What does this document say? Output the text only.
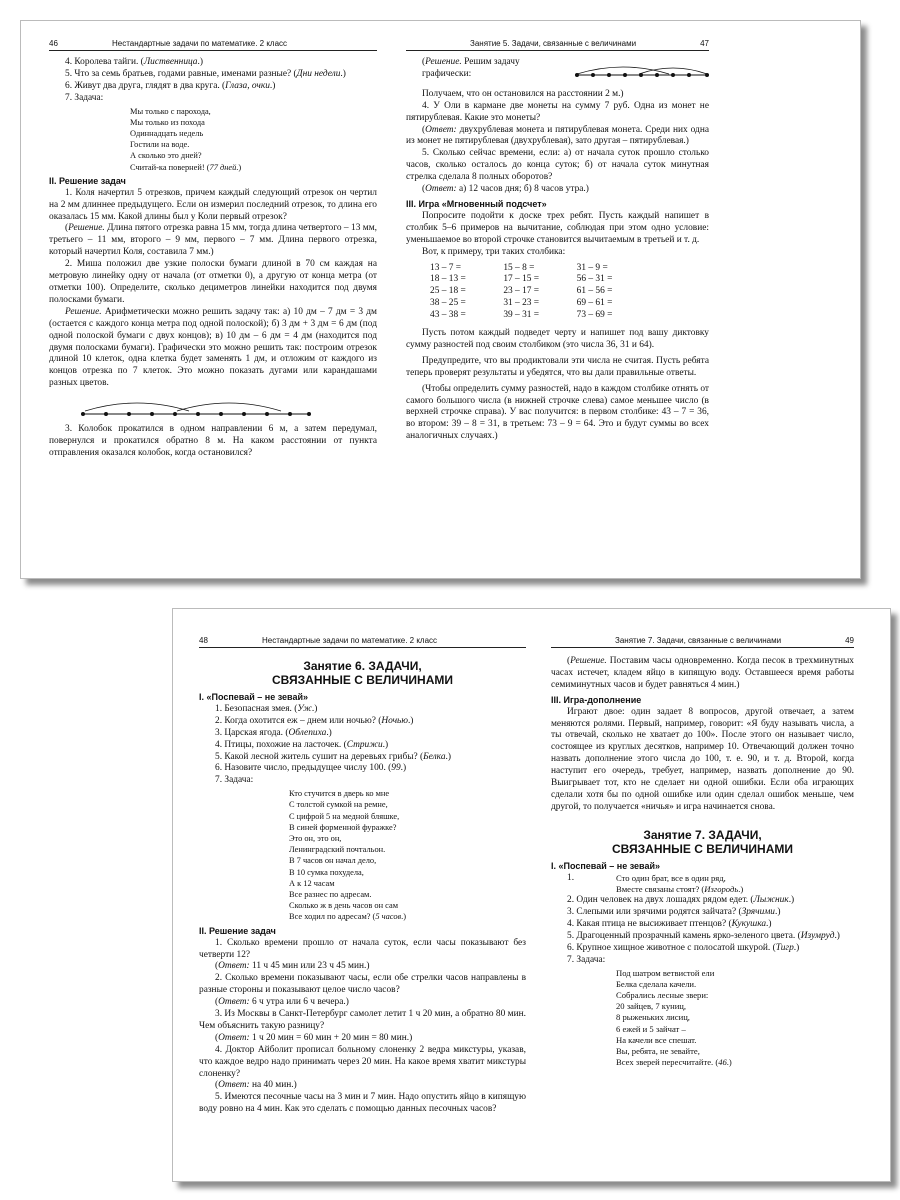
46	Нестандартные задачи по математике. 2 класс

4. Королева тайги. (Лиственница.)

5. Что за семь братьев, годами равные, именами разные? (Дни недели.)

6. Живут два друга, глядят в два круга. (Глаза, очки.)

7. Задача:

Мы только с парохода,
Мы только из похода
Одиннадцать недель
Гостили на воде.
А сколько это дней?
Считай-ка поверней! (77 дней.)

II. Решение задач

1. Коля начертил 5 отрезков, причем каждый следующий отрезок он чертил на 2 мм длиннее предыдущего. Если он измерил последний отрезок, то длина его оказалась 15 мм. Какой длины был у Коли первый отрезок?

(Решение. Длина пятого отрезка равна 15 мм, тогда длина четвертого – 13 мм, третьего – 11 мм, второго – 9 мм, первого – 7 мм. Длина первого отрезка, который начертил Коля, составила 7 мм.)

2. Миша положил две узкие полоски бумаги длиной в 70 см каждая на метровую линейку одну от начала (от отметки 0), а другую от конца метра (от отметки 100). Определите, сколько дециметров линейки находится под двумя полосками бумаги.

Решение. Арифметически можно решить задачу так: а) 10 дм – 7 дм = 3 дм (остается с каждого конца метра под одной полоской); б) 3 дм + 3 дм = 6 дм (под одной полоской бумаги с двух концов); в) 10 дм – 6 дм = 4 дм (находится под двумя полосками бумаги). Графически это можно решить так: построим отрезок длиной 10 клеток, одна клетка будет заменять 1 дм, и отложим от каждого из концов отрезка по 7 клеток. Это можно показать дугами или карандашами разных цветов.

3. Колобок прокатился в одном направлении 6 м, а затем передумал, повернулся и прокатился обратно 8 м. На каком расстоянии от пункта отправления оказался колобок, когда остановился?

Занятие 5. Задачи, связанные с величинами	47
(Решение. Решим задачу графически:

Получаем, что он остановился на расстоянии 2 м.)

4. У Оли в кармане две монеты на сумму 7 руб. Одна из монет не пятирублевая. Какие это монеты?

(Ответ: двухрублевая монета и пятирублевая монета. Среди них одна из монет не пятирублевая (двухрублевая), зато другая – пятирублевая.)

5. Сколько сейчас времени, если: а) от начала суток прошло столько часов, сколько осталось до конца суток; б) от начала суток минутная стрелка сделала 8 полных оборотов?

(Ответ: а) 12 часов дня; б) 8 часов утра.)

III. Игра «Мгновенный подсчет»

Попросите подойти к доске трех ребят. Пусть каждый напишет в столбик 5–6 примеров на вычитание, соблюдая при этом одно условие: уменьшаемое во второй строчке становится вычитаемым в третьей и т. д.

Вот, к примеру, три таких столбика:

13 – 7 =	15 – 8 =	31 – 9 =
18 – 13 =	17 – 15 =	56 – 31 =
25 – 18 =	23 – 17 =	61 – 56 =
38 – 25 =	31 – 23 =	69 – 61 =
43 – 38 =	39 – 31 =	73 – 69 =

Пусть потом каждый подведет черту и напишет под вашу диктовку сумму разностей под своим столбиком (это числа 36, 31 и 64).

Предупредите, что вы продиктовали эти числа не считая. Пусть ребята теперь проверят результаты и убедятся, что вы дали правильные ответы.

(Чтобы определить сумму разностей, надо в каждом столбике отнять от самого большого числа (в нижней строчке слева) самое меньшее число (в верхней строчке справа). У вас получится: в первом столбике: 43 – 7 = 36, во втором: 39 – 8 = 31, в третьем: 73 – 9 = 64. Это и будут суммы во всех аналогичных случаях.)

48	Нестандартные задачи по математике. 2 класс
Занятие 6. ЗАДАЧИ,
СВЯЗАННЫЕ С ВЕЛИЧИНАМИ

I. «Поспевай – не зевай»

1. Безопасная змея. (Уж.)

2. Когда охотится еж – днем или ночью? (Ночью.)

3. Царская ягода. (Облепиха.)

4. Птицы, похожие на ласточек. (Стрижи.)

5. Какой лесной житель сушит на деревьях грибы? (Белка.)

6. Назовите число, предыдущее числу 100. (99.)

7. Задача:

Кто стучится в дверь ко мне
С толстой сумкой на ремне,
С цифрой 5 на медной бляшке,
В синей форменной фуражке?
Это он, это он,
Ленинградский почтальон.
В 7 часов он начал дело,
В 10 сумка похудела,
А к 12 часам
Все разнес по адресам.
Сколько ж в день часов он сам
Все ходил по адресам? (5 часов.)

II. Решение задач

1. Сколько времени прошло от начала суток, если часы показывают без четверти 12?

(Ответ: 11 ч 45 мин или 23 ч 45 мин.)

2. Сколько времени показывают часы, если обе стрелки часов направлены в разные стороны и показывают целое число часов?

(Ответ: 6 ч утра или 6 ч вечера.)

3. Из Москвы в Санкт-Петербург самолет летит 1 ч 20 мин, а обратно 80 мин. Чем объяснить такую разницу?

(Ответ: 1 ч 20 мин = 60 мин + 20 мин = 80 мин.)

4. Доктор Айболит прописал больному слоненку 2 ведра микстуры, указав, что каждое ведро надо принимать через 20 мин. На какое время хватит микстуры слоненку?

(Ответ: на 40 мин.)

5. Имеются песочные часы на 3 мин и 7 мин. Надо опустить яйцо в кипящую воду ровно на 4 мин. Как это сделать с помощью данных песочных часов?

Занятие 7. Задачи, связанные с величинами	49

(Решение. Поставим часы одновременно. Когда песок в трехминутных часах истечет, кладем яйцо в кипящую воду. Оставшееся время работы семиминутных часов и будет равняться 4 мин.)

III. Игра-дополнение

Играют двое: один задает 8 вопросов, другой отвечает, а затем меняются ролями. Первый, например, говорит: «Я буду называть числа, а ты отвечай, сколько не хватает до 100». После этого он называет число, состоящее из круглых десятков, например 10. Отвечающий должен точно назвать дополнение этого числа до 100, т. е. 90, и т. д. Второй, когда наступит его очередь, требует, например, назвать дополнение до 90. Выигрывает тот, кто не сделает ни одной ошибки. Если оба играющих сделали хотя бы по одной ошибке или один сделал ошибок меньше, чем другой, то получается «ничья» и игра начинается снова.

Занятие 7. ЗАДАЧИ,
СВЯЗАННЫЕ С ВЕЛИЧИНАМИ

I. «Поспевай – не зевай»

1.	Сто один брат, все в один ряд,
Вместе связаны стоят? (Изгородь.)

2. Один человек на двух лошадях рядом едет. (Лыжник.)

3. Слепыми или зрячими родятся зайчата? (Зрячими.)

4. Какая птица не высиживает птенцов? (Кукушка.)

5. Драгоценный прозрачный камень ярко-зеленого цвета. (Изумруд.)

6. Крупное хищное животное с полосатой шкурой. (Тигр.)

7. Задача:

Под шатром ветвистой ели
Белка сделала качели.
Собрались лесные звери:
20 зайцев, 7 куниц,
8 рыженьких лисиц,
6 ежей и 5 зайчат –
На качели все спешат.
Вы, ребята, не зевайте,
Всех зверей пересчитайте. (46.)
